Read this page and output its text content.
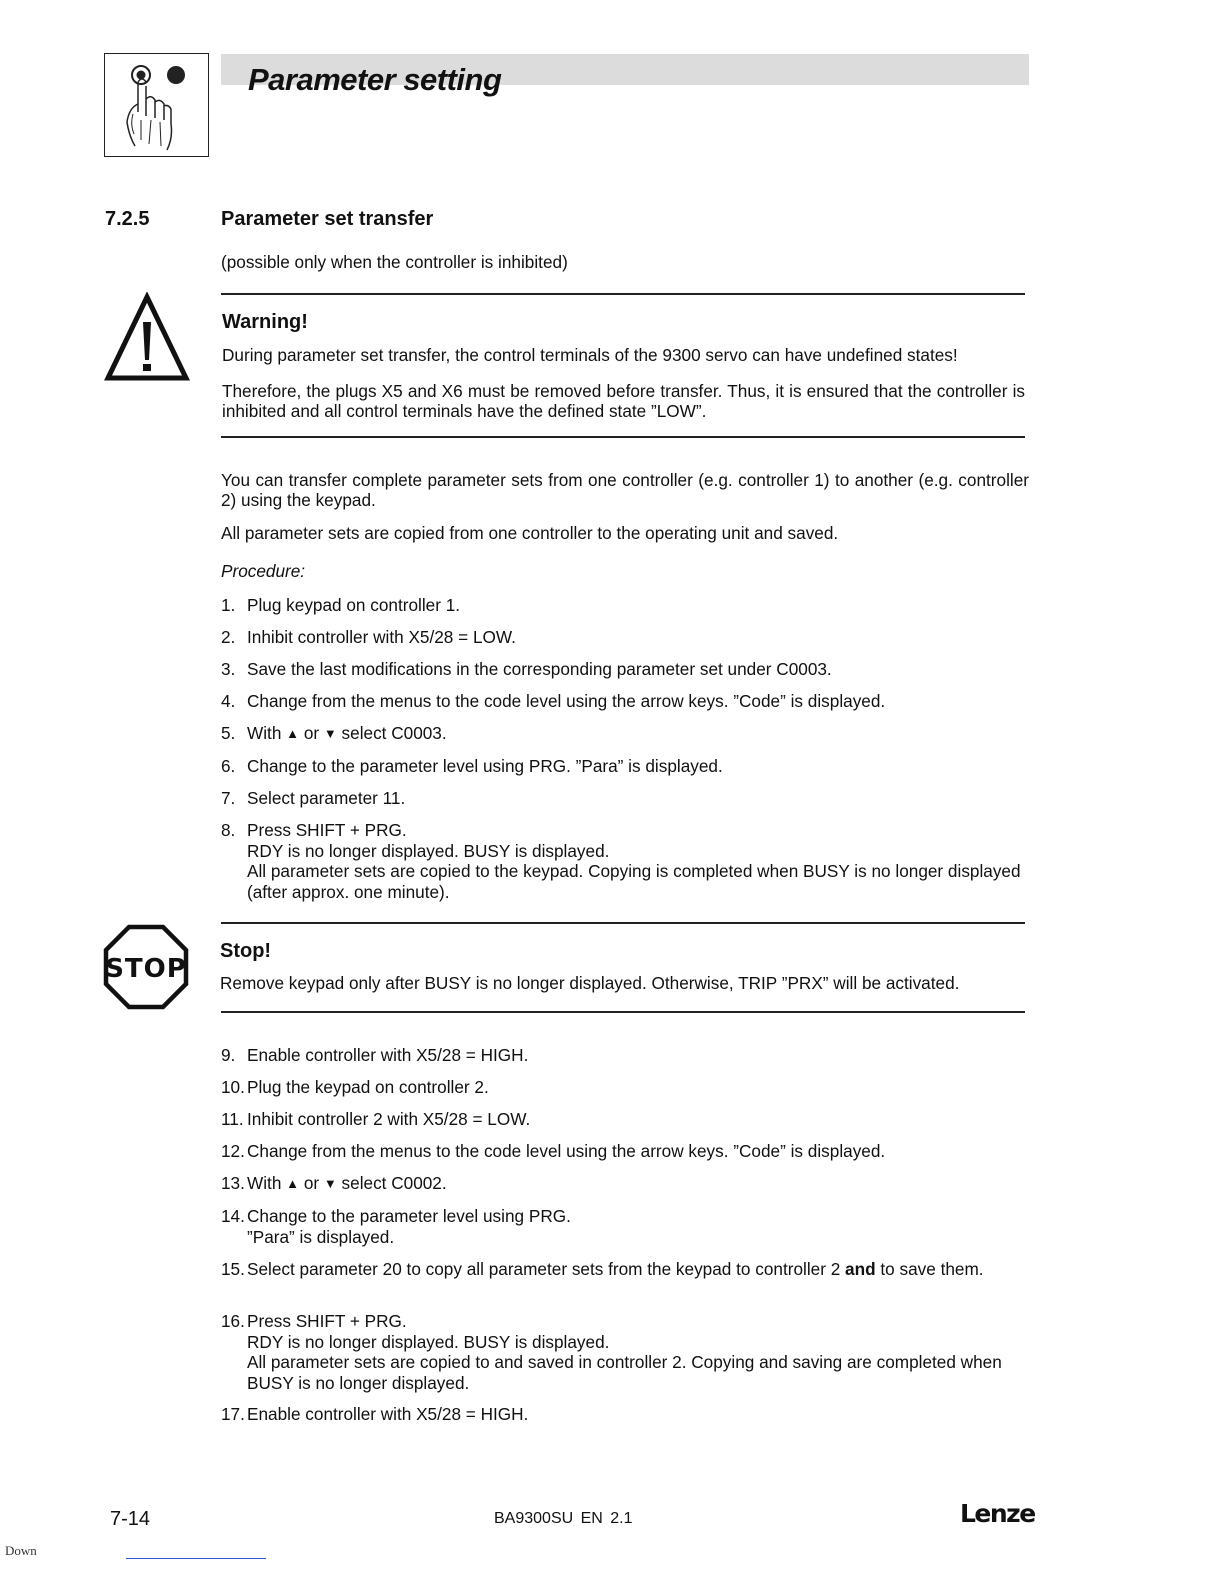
Parameter setting
7.2.5	Parameter set transfer
(possible only when the controller is inhibited)
Warning!
During parameter set transfer, the control terminals of the 9300 servo can have undefined states!
Therefore, the plugs X5 and X6 must be removed before transfer. Thus, it is ensured that the controller is inhibited and all control terminals have the defined state ”LOW”.
You can transfer complete parameter sets from one controller (e.g. controller 1) to another (e.g. controller 2) using the keypad.
All parameter sets are copied from one controller to the operating unit and saved.
Procedure:
1. Plug keypad on controller 1.
2. Inhibit controller with X5/28 = LOW.
3. Save the last modifications in the corresponding parameter set under C0003.
4. Change from the menus to the code level using the arrow keys. ”Code” is displayed.
5. With ▲ or ▼ select C0003.
6. Change to the parameter level using PRG. ”Para” is displayed.
7. Select parameter 11.
8. Press SHIFT + PRG.
RDY is no longer displayed. BUSY is displayed.
All parameter sets are copied to the keypad. Copying is completed when BUSY is no longer displayed (after approx. one minute).
STOP
Stop!
Remove keypad only after BUSY is no longer displayed. Otherwise, TRIP ”PRX” will be activated.
9. Enable controller with X5/28 = HIGH.
10. Plug the keypad on controller 2.
11. Inhibit controller 2 with X5/28 = LOW.
12. Change from the menus to the code level using the arrow keys. ”Code” is displayed.
13. With ▲ or ▼ select C0002.
14. Change to the parameter level using PRG.
”Para” is displayed.
15. Select parameter 20 to copy all parameter sets from the keypad to controller 2 and to save them.
16. Press SHIFT + PRG.
RDY is no longer displayed. BUSY is displayed.
All parameter sets are copied to and saved in controller 2. Copying and saving are completed when BUSY is no longer displayed.
17. Enable controller with X5/28 = HIGH.
7-14	BA9300SU EN 2.1	Lenze
Down
